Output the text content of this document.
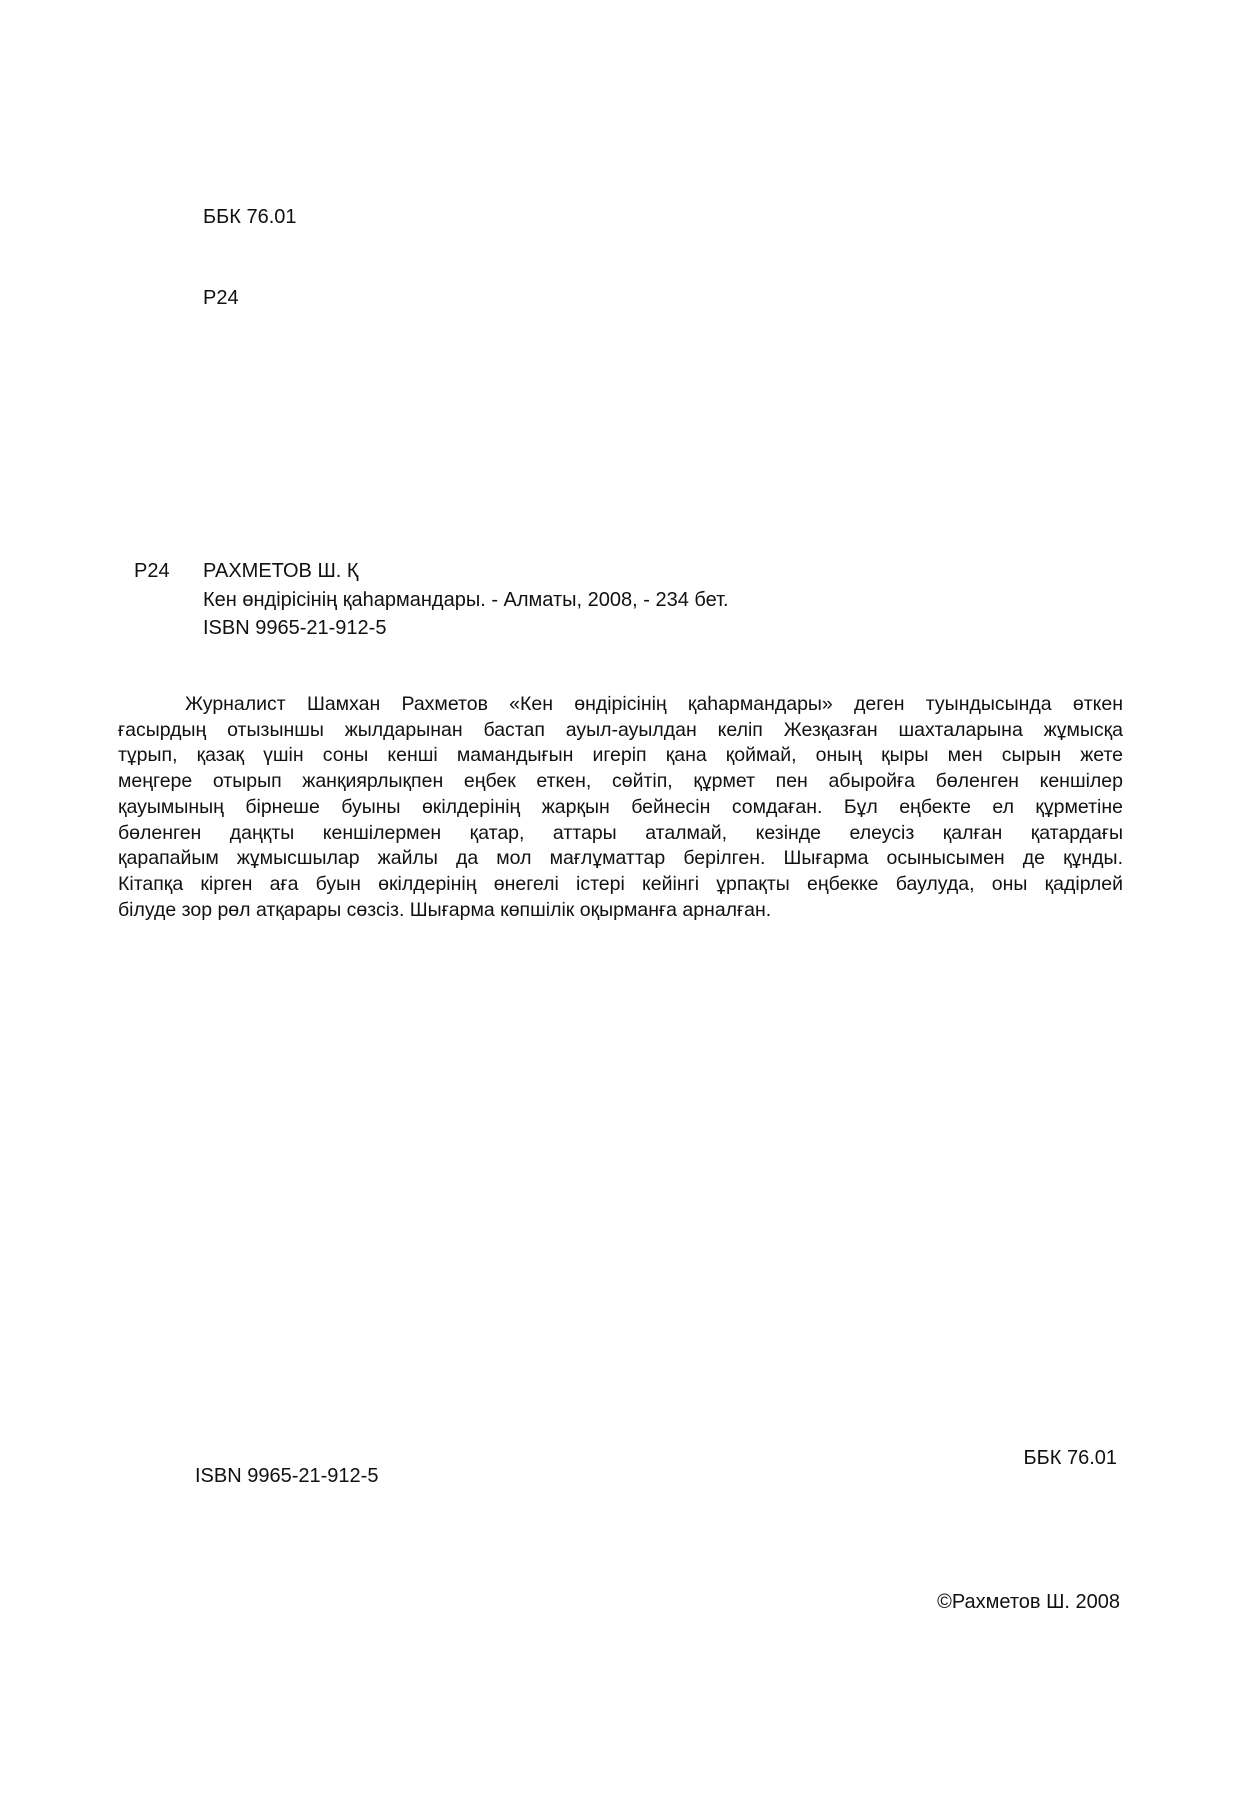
ББК 76.01

Р24

Р24 РАХМЕТОВ Ш. Қ
Кен өндірісінің қаһармандары. - Алматы, 2008, - 234 бет.
ISBN 9965-21-912-5
Журналист Шамхан Рахметов «Кен өндірісінің қаһармандары» деген туындысында өткен
ғасырдың отызыншы жылдарынан бастап ауыл-ауылдан келіп Жезқазған шахталарына жұмысқа
тұрып, қазақ үшін соны кенші мамандығын игеріп қана қоймай, оның қыры мен сырын жете
меңгере отырып жанқиярлықпен еңбек еткен, сөйтіп, құрмет пен абыройға бөленген кеншілер
қауымының бірнеше буыны өкілдерінің жарқын бейнесін сомдаған. Бұл еңбекте ел құрметіне
бөленген даңқты кеншілермен қатар, аттары аталмай, кезінде елеусіз қалған қатардағы
қарапайым жұмысшылар жайлы да мол мағлұматтар берілген. Шығарма осынысымен де құнды.
Кітапқа кірген аға буын өкілдерінің өнегелі істері кейінгі ұрпақты еңбекке баулуда, оны қадірлей
білуде зор рөл атқарары сөзсіз. Шығарма көпшілік оқырманға арналған.
ББК 76.01
ISBN 9965-21-912-5
©Рахметов Ш. 2008
